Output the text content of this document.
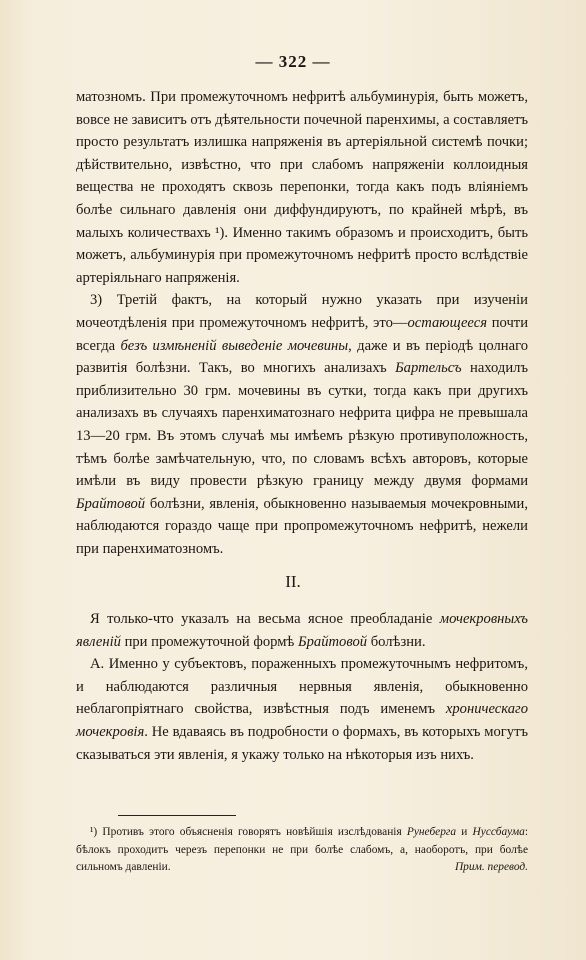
— 322 —

матозномъ. При промежуточномъ нефритѣ альбуминурія, быть можетъ, вовсе не зависитъ отъ дѣятельности почечной паренхимы, а составляетъ просто результатъ излишка напряженія въ артеріяльной системѣ почки; дѣйствительно, извѣстно, что при слабомъ напряженіи коллоидныя вещества не проходятъ сквозь перепонки, тогда какъ подъ вліяніемъ болѣе сильнаго давленія они диффундируютъ, по крайней мѣрѣ, въ малыхъ количествахъ ¹). Именно такимъ образомъ и происходитъ, быть можетъ, альбуминурія при промежуточномъ нефритѣ просто вслѣдствіе артеріяльнаго напряженія.

3) Третій фактъ, на который нужно указать при изученіи мочеотдѣленія при промежуточномъ нефритѣ, это—остающееся почти всегда безъ измѣненій выведеніе мочевины, даже и въ періодѣ цолнаго развитія болѣзни. Такъ, во многихъ анализахъ Бартельсъ находилъ приблизительно 30 грм. мочевины въ сутки, тогда какъ при другихъ анализахъ въ случаяхъ паренхиматознаго нефрита цифра не превышала 13—20 грм. Въ этомъ случаѣ мы имѣемъ рѣзкую противуположность, тѣмъ болѣе замѣчательную, что, по словамъ всѣхъ авторовъ, которые имѣли въ виду провести рѣзкую границу между двумя формами Брайтовой болѣзни, явленія, обыкновенно называемыя мочекровными, наблюдаются гораздо чаще при пропромежуточномъ нефритѣ, нежели при паренхиматозномъ.

II.

Я только-что указалъ на весьма ясное преобладаніе мочекровныхъ явленій при промежуточной формѣ Брайтовой болѣзни.

А. Именно у субъектовъ, пораженныхъ промежуточнымъ нефритомъ, и наблюдаются различныя нервныя явленія, обыкновенно неблагопріятнаго свойства, извѣстныя подъ именемъ хроническаго мочекровія. Не вдаваясь въ подробности о формахъ, въ которыхъ могутъ сказываться эти явленія, я укажу только на нѣкоторыя изъ нихъ.

¹) Противъ этого объясненія говорятъ новѣйшія изслѣдованія Рунеберга и Нуссбаума: бѣлокъ проходитъ черезъ перепонки не при болѣе слабомъ, а, наоборотъ, при болѣе сильномъ давленіи.	Прим. перевод.
